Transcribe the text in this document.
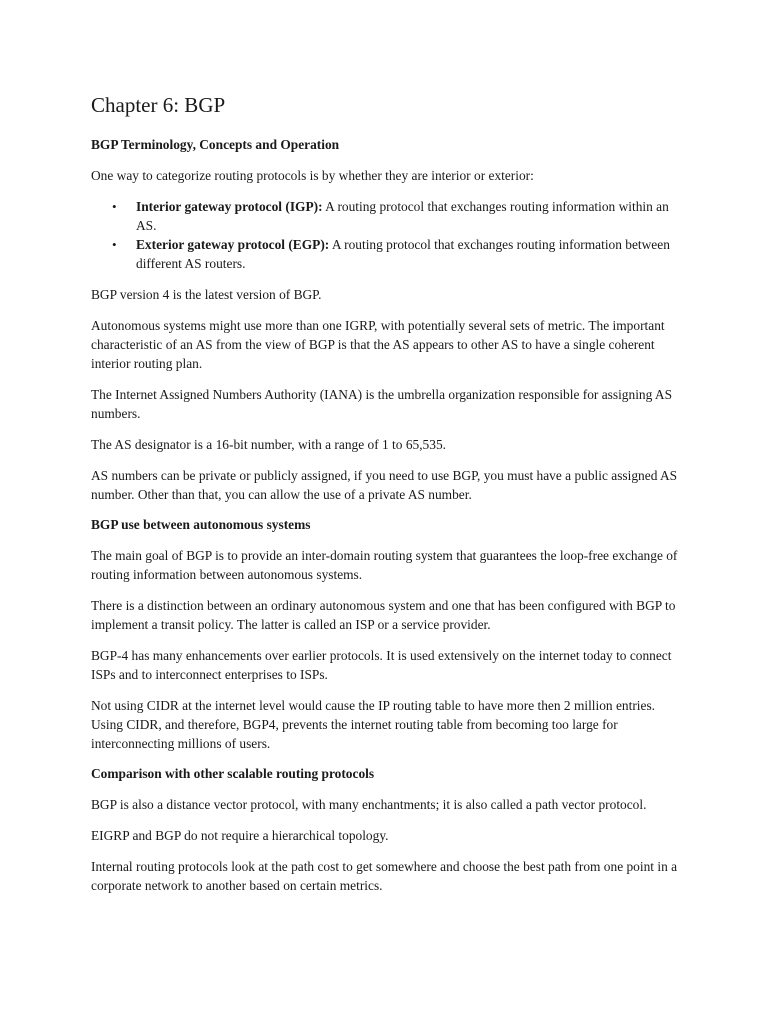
Chapter 6: BGP
BGP Terminology, Concepts and Operation
One way to categorize routing protocols is by whether they are interior or exterior:
• Interior gateway protocol (IGP): A routing protocol that exchanges routing information within an AS.
• Exterior gateway protocol (EGP): A routing protocol that exchanges routing information between different AS routers.
BGP version 4 is the latest version of BGP.
Autonomous systems might use more than one IGRP, with potentially several sets of metric. The important characteristic of an AS from the view of BGP is that the AS appears to other AS to have a single coherent interior routing plan.
The Internet Assigned Numbers Authority (IANA) is the umbrella organization responsible for assigning AS numbers.
The AS designator is a 16-bit number, with a range of 1 to 65,535.
AS numbers can be private or publicly assigned, if you need to use BGP, you must have a public assigned AS number. Other than that, you can allow the use of a private AS number.
BGP use between autonomous systems
The main goal of BGP is to provide an inter-domain routing system that guarantees the loop-free exchange of routing information between autonomous systems.
There is a distinction between an ordinary autonomous system and one that has been configured with BGP to implement a transit policy. The latter is called an ISP or a service provider.
BGP-4 has many enhancements over earlier protocols. It is used extensively on the internet today to connect ISPs and to interconnect enterprises to ISPs.
Not using CIDR at the internet level would cause the IP routing table to have more then 2 million entries. Using CIDR, and therefore, BGP4, prevents the internet routing table from becoming too large for interconnecting millions of users.
Comparison with other scalable routing protocols
BGP is also a distance vector protocol, with many enchantments; it is also called a path vector protocol.
EIGRP and BGP do not require a hierarchical topology.
Internal routing protocols look at the path cost to get somewhere and choose the best path from one point in a corporate network to another based on certain metrics.
